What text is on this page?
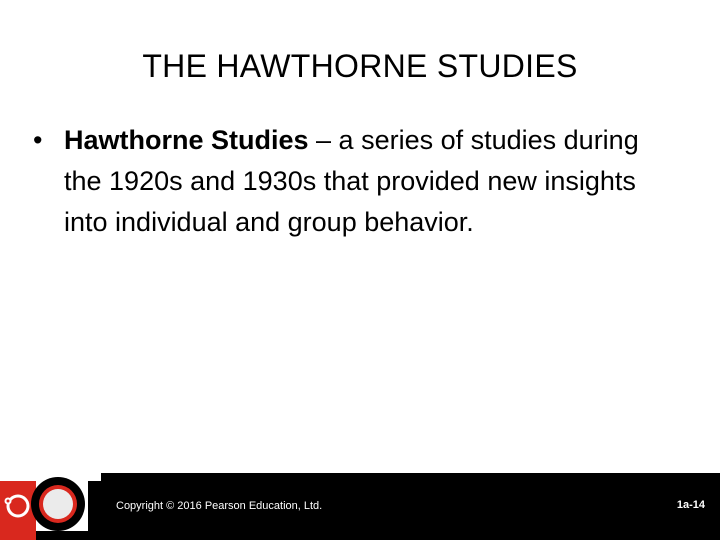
THE HAWTHORNE STUDIES
• Hawthorne Studies – a series of studies during the 1920s and 1930s that provided new insights into individual and group behavior.
Copyright © 2016 Pearson Education, Ltd.	1a-14
